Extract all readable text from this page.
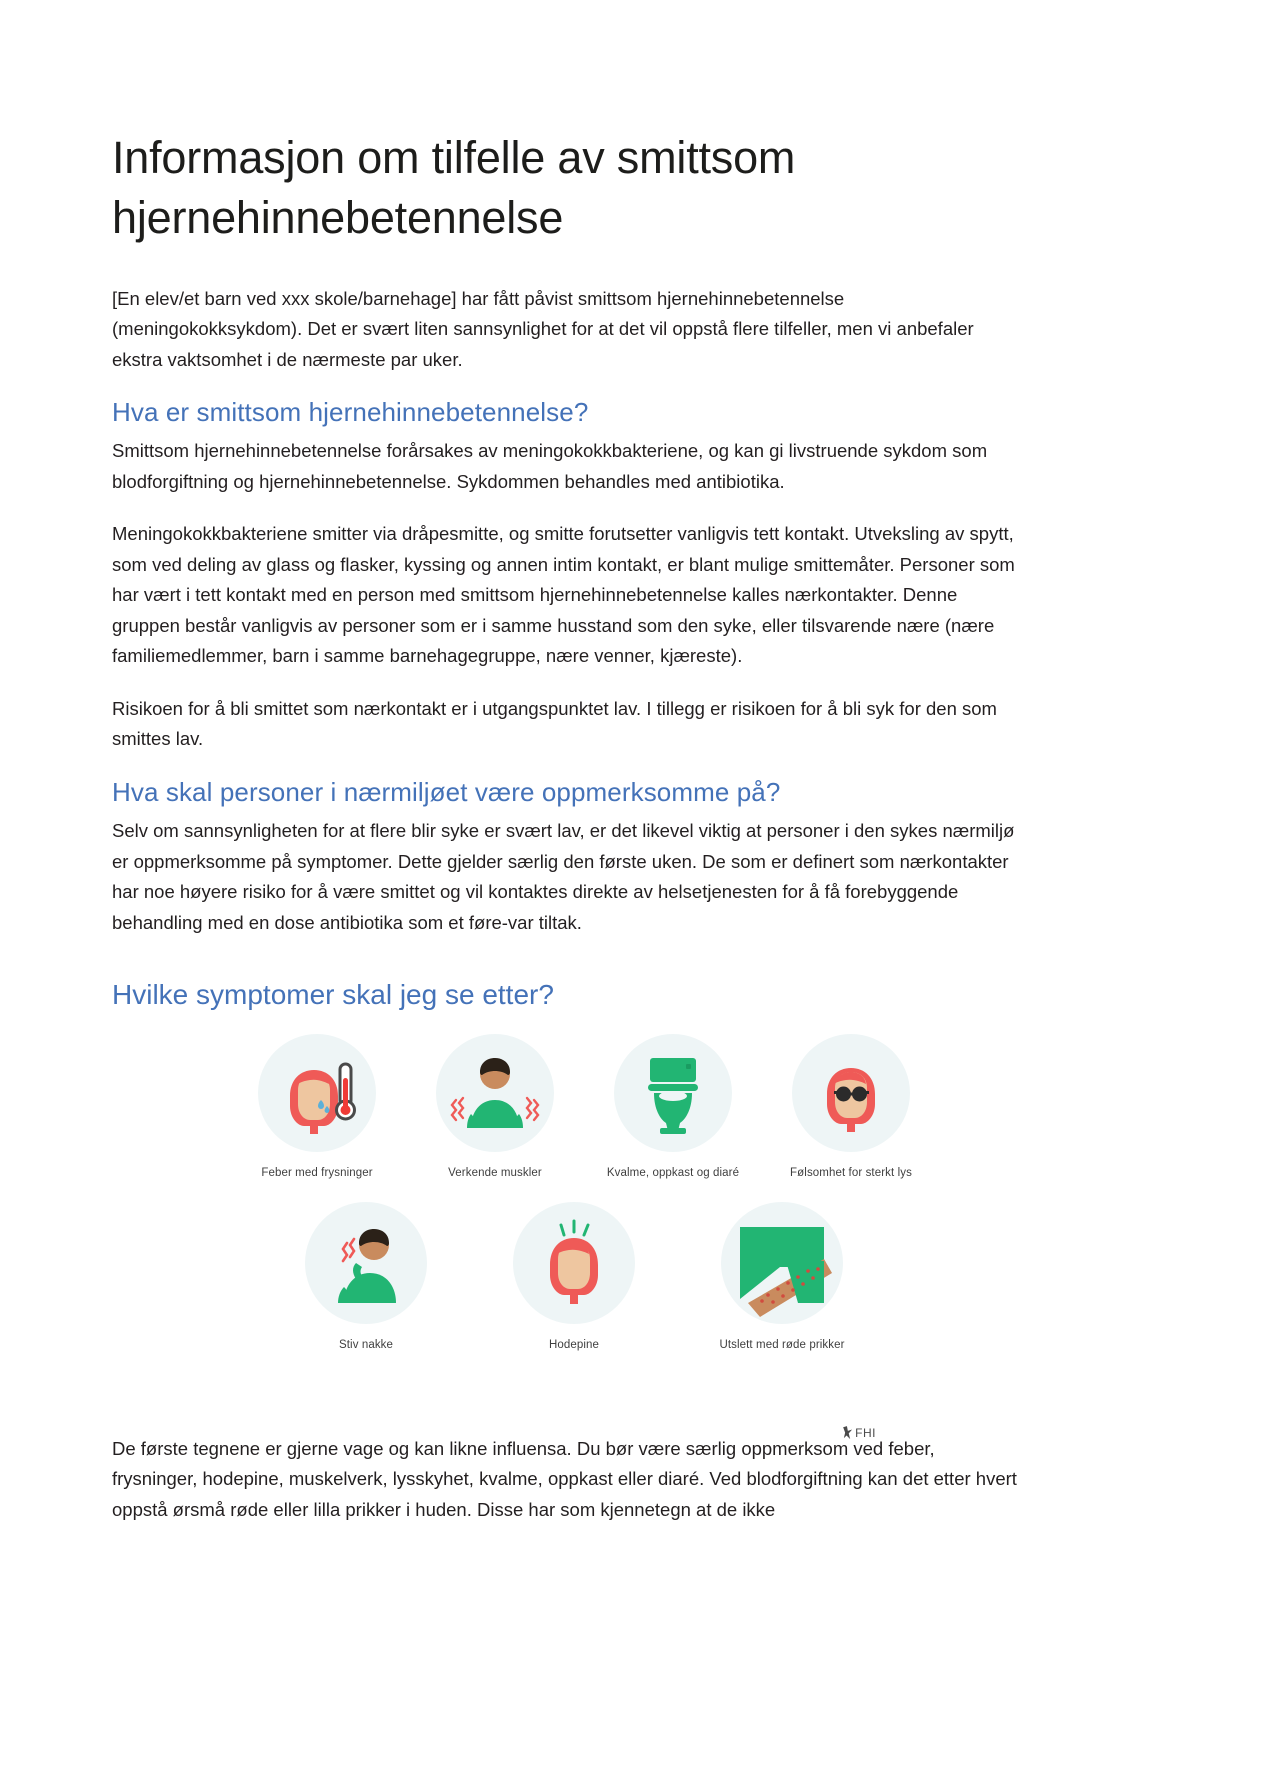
Informasjon om tilfelle av smittsom hjernehinnebetennelse

[En elev/et barn ved xxx skole/barnehage] har fått påvist smittsom hjernehinnebetennelse (meningokokksykdom). Det er svært liten sannsynlighet for at det vil oppstå flere tilfeller, men vi anbefaler ekstra vaktsomhet i de nærmeste par uker.

Hva er smittsom hjernehinnebetennelse?

Smittsom hjernehinnebetennelse forårsakes av meningokokkbakteriene, og kan gi livstruende sykdom som blodforgiftning og hjernehinnebetennelse. Sykdommen behandles med antibiotika.

Meningokokkbakteriene smitter via dråpesmitte, og smitte forutsetter vanligvis tett kontakt. Utveksling av spytt, som ved deling av glass og flasker, kyssing og annen intim kontakt, er blant mulige smittemåter. Personer som har vært i tett kontakt med en person med smittsom hjernehinnebetennelse kalles nærkontakter. Denne gruppen består vanligvis av personer som er i samme husstand som den syke, eller tilsvarende nære (nære familiemedlemmer, barn i samme barnehagegruppe, nære venner, kjæreste).

Risikoen for å bli smittet som nærkontakt er i utgangspunktet lav. I tillegg er risikoen for å bli syk for den som smittes lav.

Hva skal personer i nærmiljøet være oppmerksomme på?

Selv om sannsynligheten for at flere blir syke er svært lav, er det likevel viktig at personer i den sykes nærmiljø er oppmerksomme på symptomer. Dette gjelder særlig den første uken. De som er definert som nærkontakter har noe høyere risiko for å være smittet og vil kontaktes direkte av helsetjenesten for å få forebyggende behandling med en dose antibiotika som et føre-var tiltak.

Hvilke symptomer skal jeg se etter?
Feber med frysninger	Verkende muskler	Kvalme, oppkast og diaré	Følsomhet for sterkt lys
Stiv nakke	Hodepine	Utslett med røde prikker
FHI

De første tegnene er gjerne vage og kan likne influensa. Du bør være særlig oppmerksom ved feber, frysninger, hodepine, muskelverk, lysskyhet, kvalme, oppkast eller diaré. Ved blodforgiftning kan det etter hvert oppstå ørsmå røde eller lilla prikker i huden. Disse har som kjennetegn at de ikke
